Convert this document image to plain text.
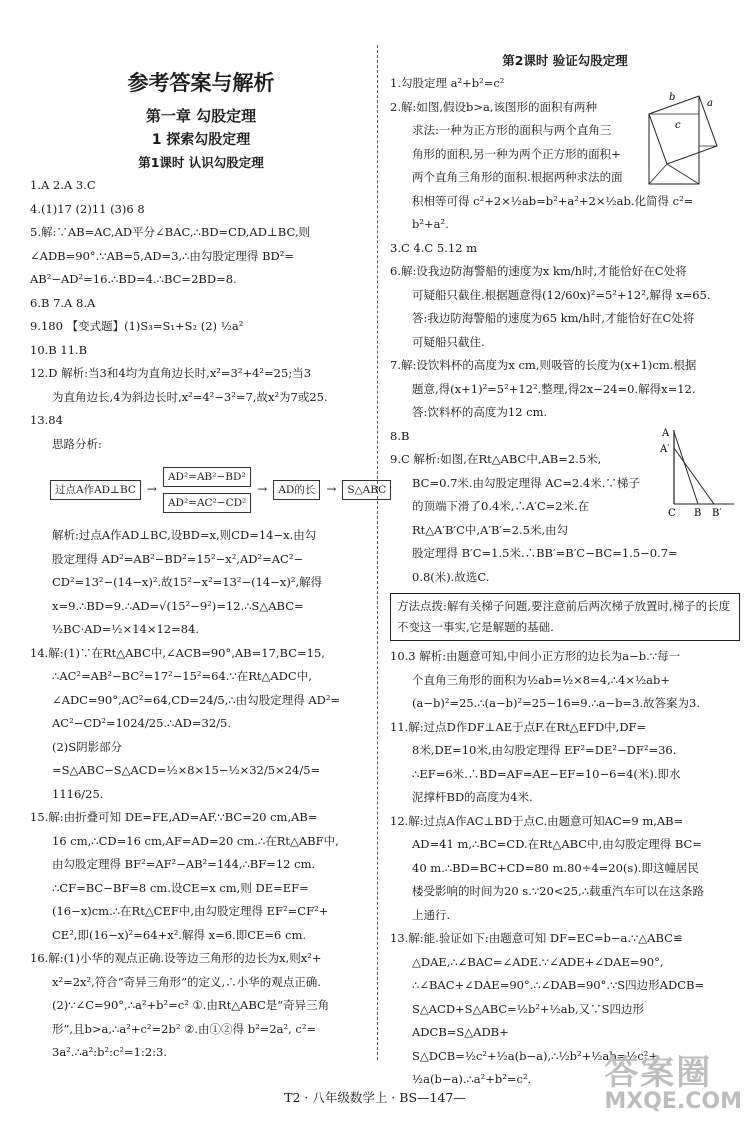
参考答案与解析
第一章 勾股定理
1 探索勾股定理
第1课时 认识勾股定理

1.A 2.A 3.C

4.(1)17 (2)11 (3)6 8

5.解:∵AB=AC,AD平分∠BAC,∴BD=CD,AD⊥BC,则

∠ADB=90°.∵AB=5,AD=3,∴由勾股定理得 BD²=

AB²−AD²=16.∴BD=4.∴BC=2BD=8.

6.B 7.A 8.A

9.180 【变式题】(1)S₃=S₁+S₂ (2) ½a²

10.B 11.B

12.D 解析:当3和4均为直角边长时,x²=3²+4²=25;当3

为直角边长,4为斜边长时,x²=4²−3²=7,故x²为7或25.

13.84

思路分析:

过点A作AD⊥BC →
AD²=AB²−BD²
AD²=AC²−CD²
→	AD的长 →	S△ABC

解析:过点A作AD⊥BC,设BD=x,则CD=14−x.由勾

股定理得 AD²=AB²−BD²=15²−x²,AD²=AC²−

CD²=13²−(14−x)².故15²−x²=13²−(14−x)²,解得

x=9.∴BD=9.∴AD=√(15²−9²)=12.∴S△ABC=

½BC·AD=½×14×12=84.

14.解:(1)∵在Rt△ABC中,∠ACB=90°,AB=17,BC=15,

∴AC²=AB²−BC²=17²−15²=64.∵在Rt△ADC中,

∠ADC=90°,AC²=64,CD=24/5,∴由勾股定理得 AD²=

AC²−CD²=1024/25.∴AD=32/5.

(2)S阴影部分=S△ABC−S△ACD=½×8×15−½×32/5×24/5=

1116/25.

15.解:由折叠可知 DE=FE,AD=AF.∵BC=20 cm,AB=

16 cm,∴CD=16 cm,AF=AD=20 cm.∴在Rt△ABF中,

由勾股定理得 BF²=AF²−AB²=144,∴BF=12 cm.

∴CF=BC−BF=8 cm.设CE=x cm,则 DE=EF=

(16−x)cm.∴在Rt△CEF中,由勾股定理得 EF²=CF²+

CE²,即(16−x)²=64+x².解得 x=6.即CE=6 cm.

16.解:(1)小华的观点正确.设等边三角形的边长为x,则x²+

x²=2x²,符合“奇异三角形”的定义,∴小华的观点正确.

(2)∵∠C=90°,∴a²+b²=c² ①.由Rt△ABC是“奇异三角

形”,且b>a,∴a²+c²=2b² ②.由①②得 b²=2a², c²=

3a².∴a²:b²:c²=1:2:3.

第2课时 验证勾股定理

1.勾股定理 a²+b²=c²

2.解:如图,假设b>a,该图形的面积有两种

求法:一种为正方形的面积与两个直角三

角形的面积,另一种为两个正方形的面积+

两个直角三角形的面积.根据两种求法的面

积相等可得 c²+2×½ab=b²+a²+2×½ab.化简得 c²=

b²+a².

3.C 4.C 5.12 m

6.解:设我边防海警船的速度为x km/h时,才能恰好在C处将

可疑船只截住.根据题意得(12/60x)²=5²+12²,解得 x=65.

答:我边防海警船的速度为65 km/h时,才能恰好在C处将

可疑船只截住.

7.解:设饮料杯的高度为x cm,则吸管的长度为(x+1)cm.根据

题意,得(x+1)²=5²+12².整理,得2x−24=0.解得x=12.

答:饮料杯的高度为12 cm.

8.B

9.C 解析:如图,在Rt△ABC中,AB=2.5米,

BC=0.7米.由勾股定理得 AC=2.4米.∵梯子

的顶端下滑了0.4米,∴A′C=2米.在

Rt△A′B′C中,A′B′=2.5米,由勾

股定理得 B′C=1.5米.∴BB′=B′C−BC=1.5−0.7=

0.8(米).故选C.

方法点拨:解有关梯子问题,要注意前后两次梯子放置时,梯子的长度不变这一事实,它是解题的基础.

10.3 解析:由题意可知,中间小正方形的边长为a−b.∵每一

个直角三角形的面积为½ab=½×8=4,∴4×½ab+

(a−b)²=25.∴(a−b)²=25−16=9.∴a−b=3.故答案为3.

11.解:过点D作DF⊥AE于点F.在Rt△EFD中,DF=

8米,DE=10米,由勾股定理得 EF²=DE²−DF²=36.

∴EF=6米.∴BD=AF=AE−EF=10−6=4(米).即水

泥撑杆BD的高度为4米.

12.解:过点A作AC⊥BD于点C.由题意可知AC=9 m,AB=

AD=41 m,∴BC=CD.在Rt△ABC中,由勾股定理得 BC=

40 m.∴BD=BC+CD=80 m.80÷4=20(s).即这幢居民

楼受影响的时间为20 s.∵20<25,∴载重汽车可以在这条路

上通行.

13.解:能.验证如下:由题意可知 DF=EC=b−a.∵△ABC≌

△DAE,∴∠BAC=∠ADE.∵∠ADE+∠DAE=90°,

∴∠BAC+∠DAE=90°.∴∠DAB=90°.∵S四边形ADCB=

S△ACD+S△ABC=½b²+½ab,又∵S四边形ADCB=S△ADB+

S△DCB=½c²+½a(b−a),∴½b²+½ab=½c²+

½a(b−a).∴a²+b²=c².

b
a
c
A
A′
C B B′
T2 · 八年级数学上 · BS—147—
答案圈
MXQE.COM
